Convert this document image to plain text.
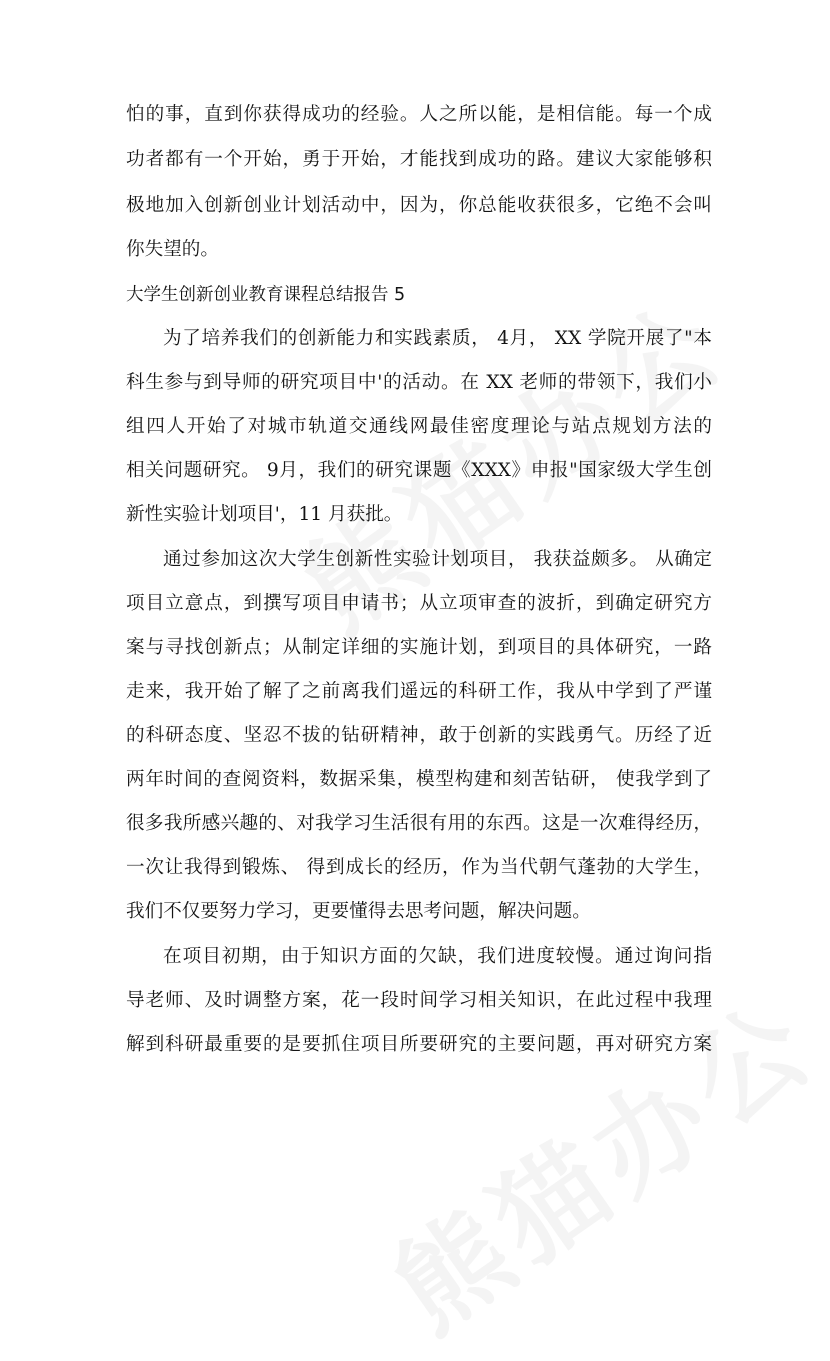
怕的事，直到你获得成功的经验。人之所以能，是相信能。每一个成
功者都有一个开始，勇于开始，才能找到成功的路。建议大家能够积
极地加入创新创业计划活动中，因为，你总能收获很多，它绝不会叫
你失望的。
大学生创新创业教育课程总结报告 5
为了培养我们的创新能力和实践素质， 4月， XX 学院开展了"本
科生参与到导师的研究项目中'的活动。在 XX 老师的带领下，我们小
组四人开始了对城市轨道交通线网最佳密度理论与站点规划方法的
相关问题研究。 9月，我们的研究课题《XXX》申报"国家级大学生创
新性实验计划项目'，11 月获批。
通过参加这次大学生创新性实验计划项目， 我获益颇多。 从确定
项目立意点，到撰写项目申请书；从立项审查的波折，到确定研究方
案与寻找创新点；从制定详细的实施计划，到项目的具体研究，一路
走来，我开始了解了之前离我们遥远的科研工作，我从中学到了严谨
的科研态度、坚忍不拔的钻研精神，敢于创新的实践勇气。历经了近
两年时间的查阅资料，数据采集，模型构建和刻苦钻研， 使我学到了
很多我所感兴趣的、对我学习生活很有用的东西。这是一次难得经历，
一次让我得到锻炼、 得到成长的经历，作为当代朝气蓬勃的大学生，
我们不仅要努力学习，更要懂得去思考问题，解决问题。
在项目初期，由于知识方面的欠缺，我们进度较慢。通过询问指
导老师、及时调整方案，花一段时间学习相关知识，在此过程中我理
解到科研最重要的是要抓住项目所要研究的主要问题，再对研究方案
